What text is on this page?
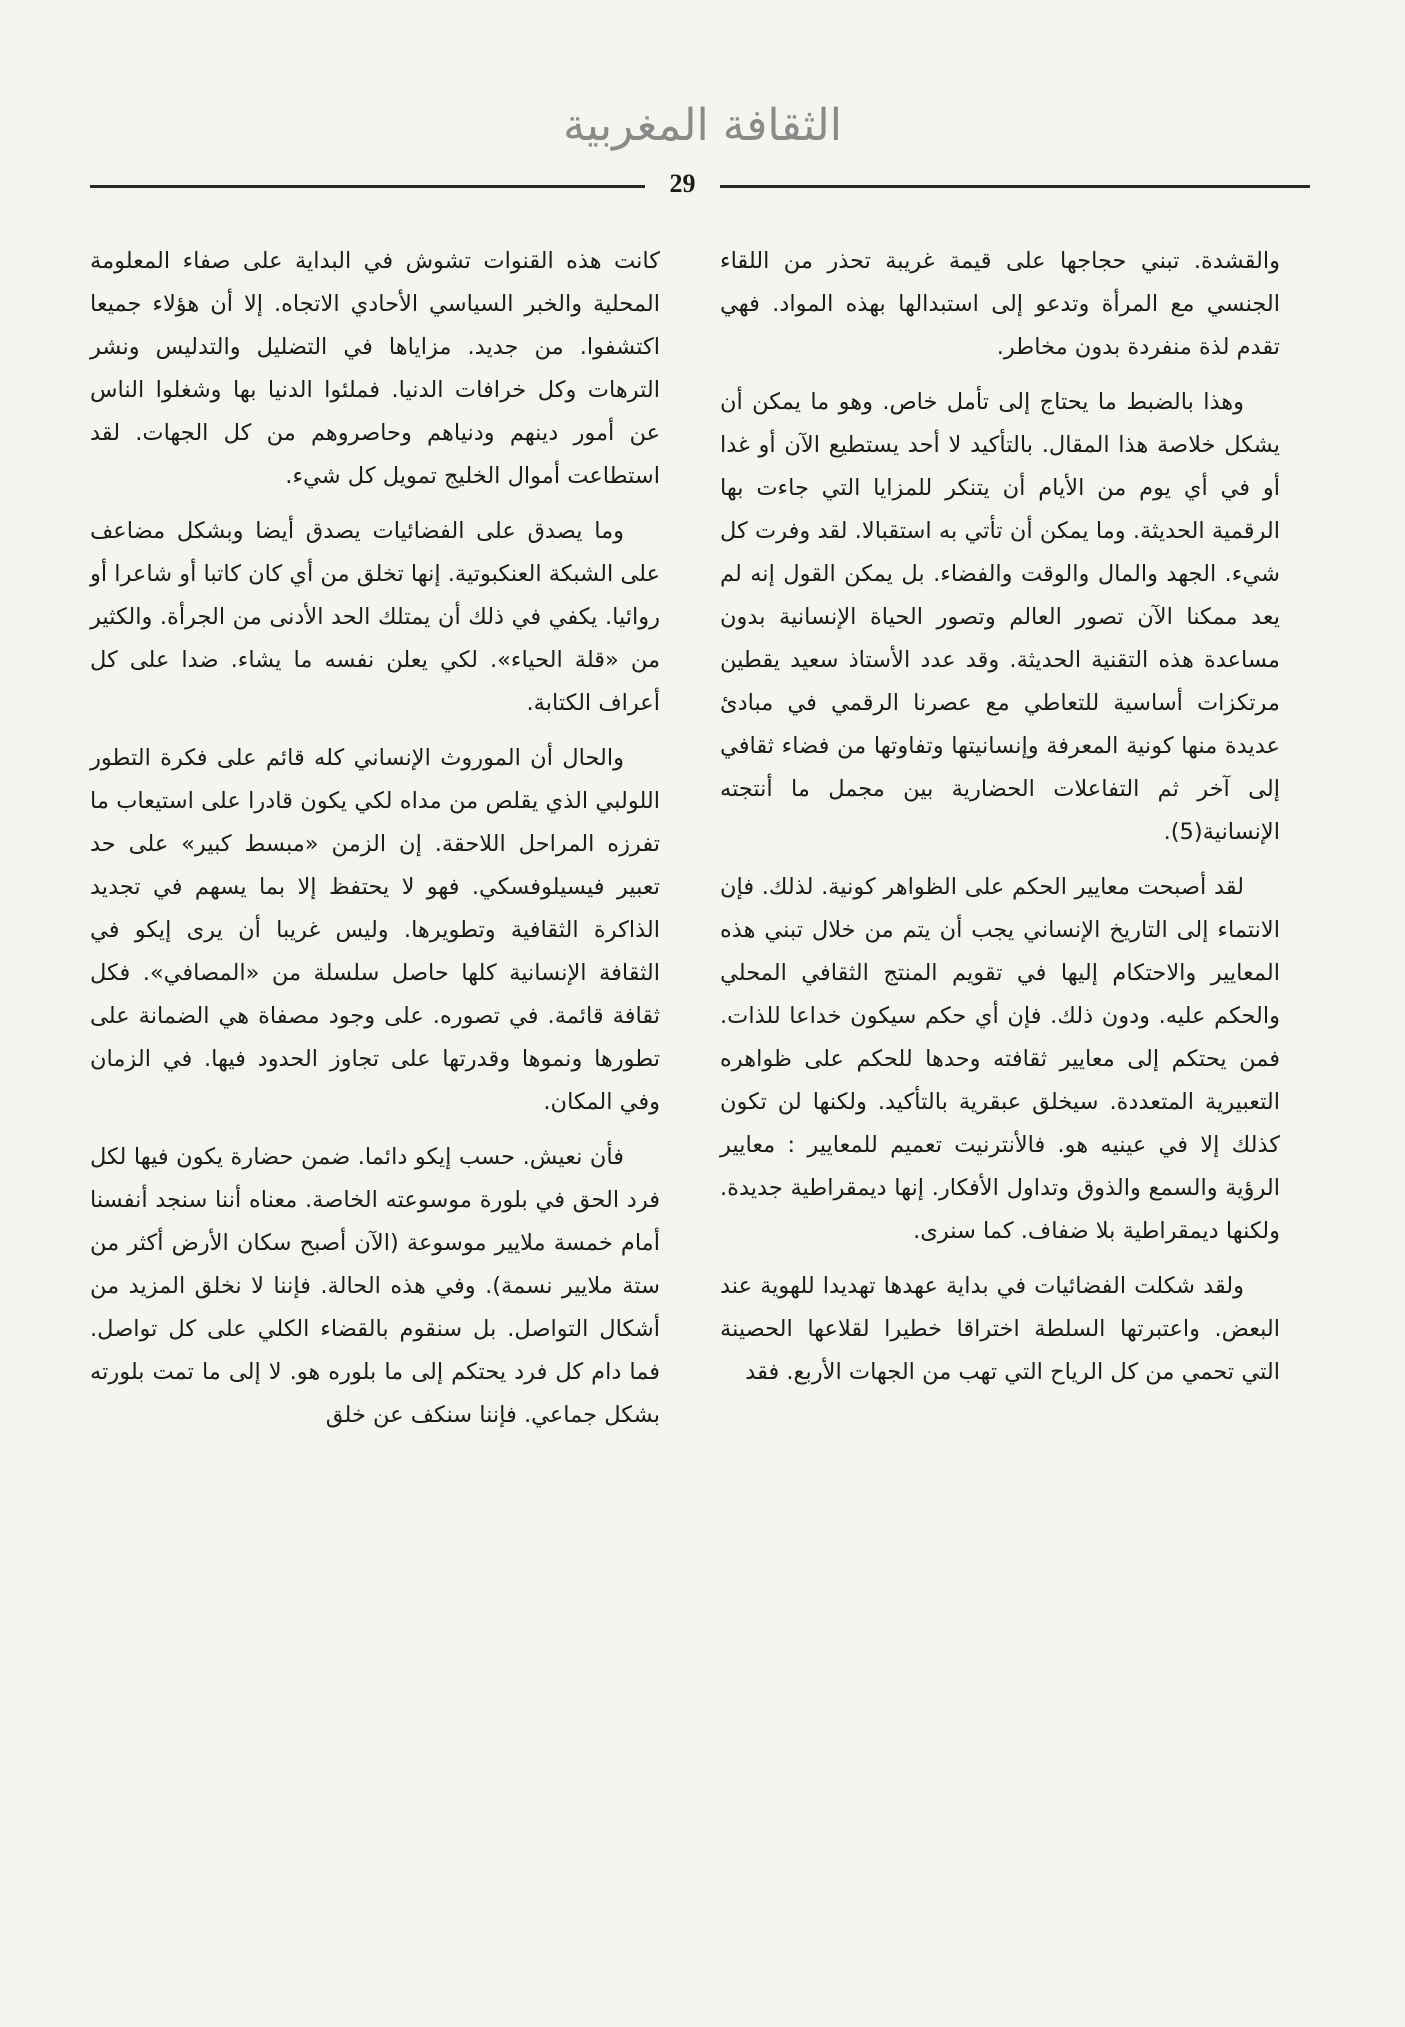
الثقافة المغربية
29

والقشدة. تبني حجاجها على قيمة غريبة تحذر من اللقاء الجنسي مع المرأة وتدعو إلى استبدالها بهذه المواد. فهي تقدم لذة منفردة بدون مخاطر.

وهذا بالضبط ما يحتاج إلى تأمل خاص. وهو ما يمكن أن يشكل خلاصة هذا المقال. بالتأكيد لا أحد يستطيع الآن أو غدا أو في أي يوم من الأيام أن يتنكر للمزايا التي جاءت بها الرقمية الحديثة. وما يمكن أن تأتي به استقبالا. لقد وفرت كل شيء. الجهد والمال والوقت والفضاء. بل يمكن القول إنه لم يعد ممكنا الآن تصور العالم وتصور الحياة الإنسانية بدون مساعدة هذه التقنية الحديثة. وقد عدد الأستاذ سعيد يقطين مرتكزات أساسية للتعاطي مع عصرنا الرقمي في مبادئ عديدة منها كونية المعرفة وإنسانيتها وتفاوتها من فضاء ثقافي إلى آخر ثم التفاعلات الحضارية بين مجمل ما أنتجته الإنسانية(5).

لقد أصبحت معايير الحكم على الظواهر كونية. لذلك. فإن الانتماء إلى التاريخ الإنساني يجب أن يتم من خلال تبني هذه المعايير والاحتكام إليها في تقويم المنتج الثقافي المحلي والحكم عليه. ودون ذلك. فإن أي حكم سيكون خداعا للذات. فمن يحتكم إلى معايير ثقافته وحدها للحكم على ظواهره التعبيرية المتعددة. سيخلق عبقرية بالتأكيد. ولكنها لن تكون كذلك إلا في عينيه هو. فالأنترنيت تعميم للمعايير : معايير الرؤية والسمع والذوق وتداول الأفكار. إنها ديمقراطية جديدة. ولكنها ديمقراطية بلا ضفاف. كما سنرى.

ولقد شكلت الفضائيات في بداية عهدها تهديدا للهوية عند البعض. واعتبرتها السلطة اختراقا خطيرا لقلاعها الحصينة التي تحمي من كل الرياح التي تهب من الجهات الأربع. فقد

كانت هذه القنوات تشوش في البداية على صفاء المعلومة المحلية والخبر السياسي الأحادي الاتجاه. إلا أن هؤلاء جميعا اكتشفوا. من جديد. مزاياها في التضليل والتدليس ونشر الترهات وكل خرافات الدنيا. فملئوا الدنيا بها وشغلوا الناس عن أمور دينهم ودنياهم وحاصروهم من كل الجهات. لقد استطاعت أموال الخليج تمويل كل شيء.

وما يصدق على الفضائيات يصدق أيضا وبشكل مضاعف على الشبكة العنكبوتية. إنها تخلق من أي كان كاتبا أو شاعرا أو روائيا. يكفي في ذلك أن يمتلك الحد الأدنى من الجرأة. والكثير من «قلة الحياء». لكي يعلن نفسه ما يشاء. ضدا على كل أعراف الكتابة.

والحال أن الموروث الإنساني كله قائم على فكرة التطور اللولبي الذي يقلص من مداه لكي يكون قادرا على استيعاب ما تفرزه المراحل اللاحقة. إن الزمن «مبسط كبير» على حد تعبير فيسيلوفسكي. فهو لا يحتفظ إلا بما يسهم في تجديد الذاكرة الثقافية وتطويرها. وليس غريبا أن يرى إيكو في الثقافة الإنسانية كلها حاصل سلسلة من «المصافي». فكل ثقافة قائمة. في تصوره. على وجود مصفاة هي الضمانة على تطورها ونموها وقدرتها على تجاوز الحدود فيها. في الزمان وفي المكان.

فأن نعيش. حسب إيكو دائما. ضمن حضارة يكون فيها لكل فرد الحق في بلورة موسوعته الخاصة. معناه أننا سنجد أنفسنا أمام خمسة ملايير موسوعة (الآن أصبح سكان الأرض أكثر من ستة ملايير نسمة). وفي هذه الحالة. فإننا لا نخلق المزيد من أشكال التواصل. بل سنقوم بالقضاء الكلي على كل تواصل. فما دام كل فرد يحتكم إلى ما بلوره هو. لا إلى ما تمت بلورته بشكل جماعي. فإننا سنكف عن خلق
